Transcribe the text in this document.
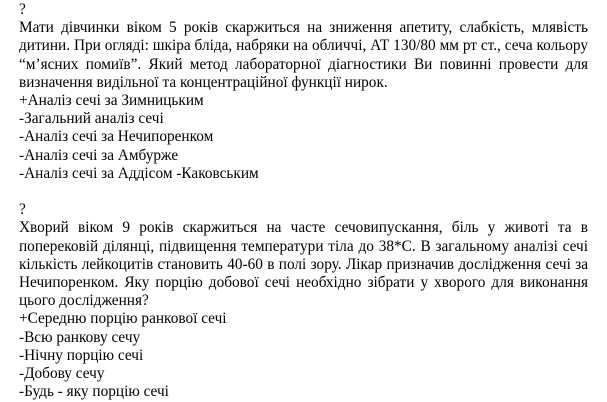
?
Мати дівчинки віком 5 років скаржиться на зниження апетиту, слабкість, млявість дитини. При огляді: шкіра бліда, набряки на обличчі, АТ 130/80 мм рт ст., сеча кольору “м’ясних помиїв”. Який метод лабораторної діагностики Ви повинні провести для визначення видільної та концентраційної функції нирок.
+Аналіз сечі за Зимницьким
-Загальний аналіз сечі
-Аналіз сечі за Нечипоренком
-Аналіз сечі за Амбурже
-Аналіз сечі за Аддісом -Каковським
?
Хворий віком 9 років скаржиться на часте сечовипускання, біль у животі та в поперековій ділянці, підвищення температури тіла до 38*С. В загальному аналізі сечі кількість лейкоцитів становить 40-60 в полі зору. Лікар призначив дослідження сечі за Нечипоренком. Яку порцію добової сечі необхідно зібрати у хворого для виконання цього дослідження?
+Середню порцію ранкової сечі
-Всю ранкову сечу
-Нічну порцію сечі
-Добову сечу
-Будь - яку порцію сечі
